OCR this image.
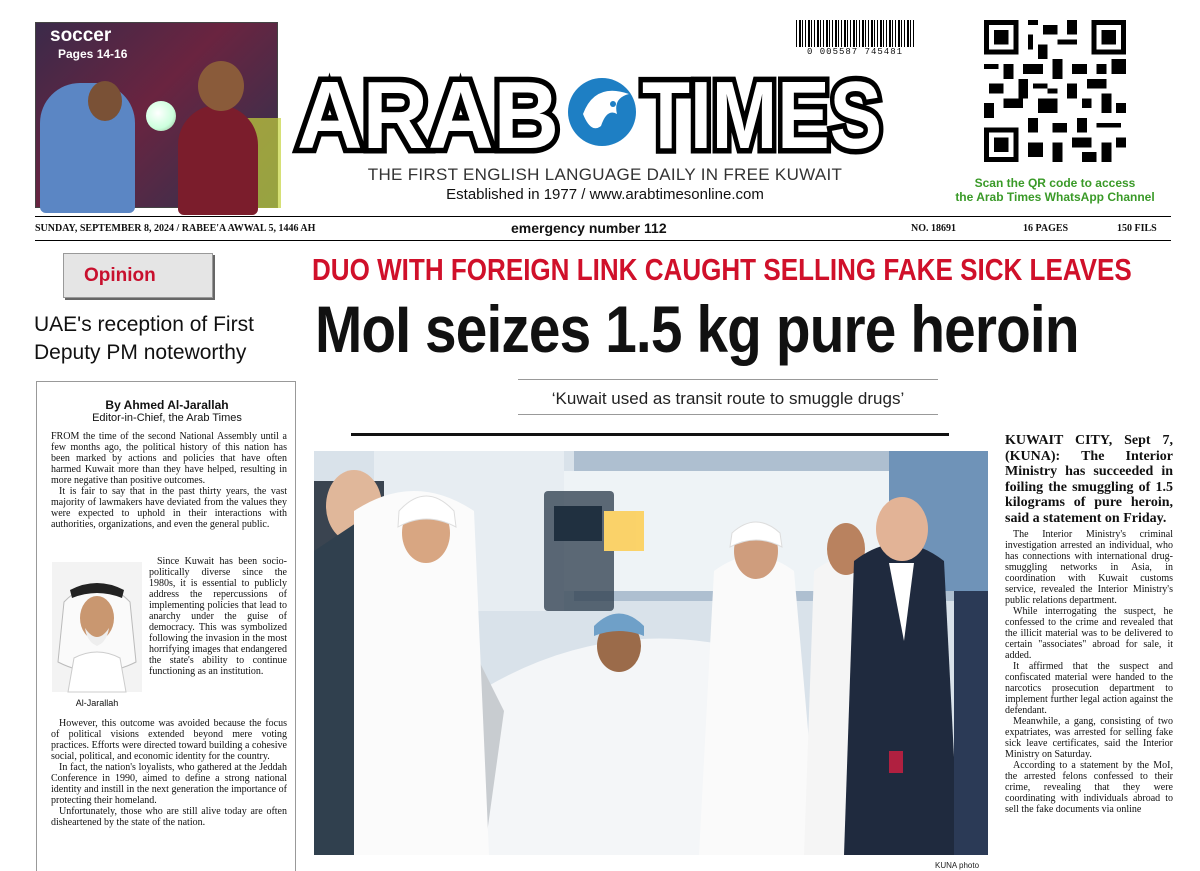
soccer
Pages 14-16	0 005587 745481
ARAB TIMES
THE FIRST ENGLISH LANGUAGE DAILY IN FREE KUWAIT
Established in 1977 / www.arabtimesonline.com
Scan the QR code to access
the Arab Times WhatsApp Channel
SUNDAY, SEPTEMBER 8, 2024 / RABEE'A AWWAL 5, 1446 AH	emergency number 112	NO. 18691	16 PAGES	150 FILS
Opinion
UAE's reception of First Deputy PM noteworthy
By Ahmed Al-Jarallah
Editor-in-Chief, the Arab Times

FROM the time of the second National Assembly until a few months ago, the political history of this nation has been marked by actions and policies that have often harmed Kuwait more than they have helped, resulting in more negative than positive outcomes.

It is fair to say that in the past thirty years, the vast majority of lawmakers have deviated from the values they were expected to uphold in their interactions with authorities, organizations, and even the general public.

Al-Jarallah

Since Kuwait has been socio-politically diverse since the 1980s, it is essential to publicly address the repercussions of implementing policies that lead to anarchy under the guise of democracy. This was symbolized following the invasion in the most horrifying images that endangered the state's ability to continue functioning as an institution.

However, this outcome was avoided because the focus of political visions extended beyond mere voting practices. Efforts were directed toward building a cohesive social, political, and economic identity for the country.

In fact, the nation's loyalists, who gathered at the Jeddah Conference in 1990, aimed to define a strong national identity and instill in the next generation the importance of protecting their homeland.

Unfortunately, those who are still alive today are often disheartened by the state of the nation.

DUO WITH FOREIGN LINK CAUGHT SELLING FAKE SICK LEAVES
MoI seizes 1.5 kg pure heroin
‘Kuwait used as transit route to smuggle drugs’
KUNA photo
KUWAIT CITY, Sept 7, (KUNA): The Interior Ministry has succeeded in foiling the smuggling of 1.5 kilograms of pure heroin, said a statement on Friday.

The Interior Ministry's criminal investigation arrested an individual, who has connections with international drug-smuggling networks in Asia, in coordination with Kuwait customs service, revealed the Interior Ministry's public relations department.

While interrogating the suspect, he confessed to the crime and revealed that the illicit material was to be delivered to certain "associates" abroad for sale, it added.

It affirmed that the suspect and confiscated material were handed to the narcotics prosecution department to implement further legal action against the defendant.

Meanwhile, a gang, consisting of two expatriates, was arrested for selling fake sick leave certificates, said the Interior Ministry on Saturday.

According to a statement by the MoI, the arrested felons confessed to their crime, revealing that they were coordinating with individuals abroad to sell the fake documents via online
